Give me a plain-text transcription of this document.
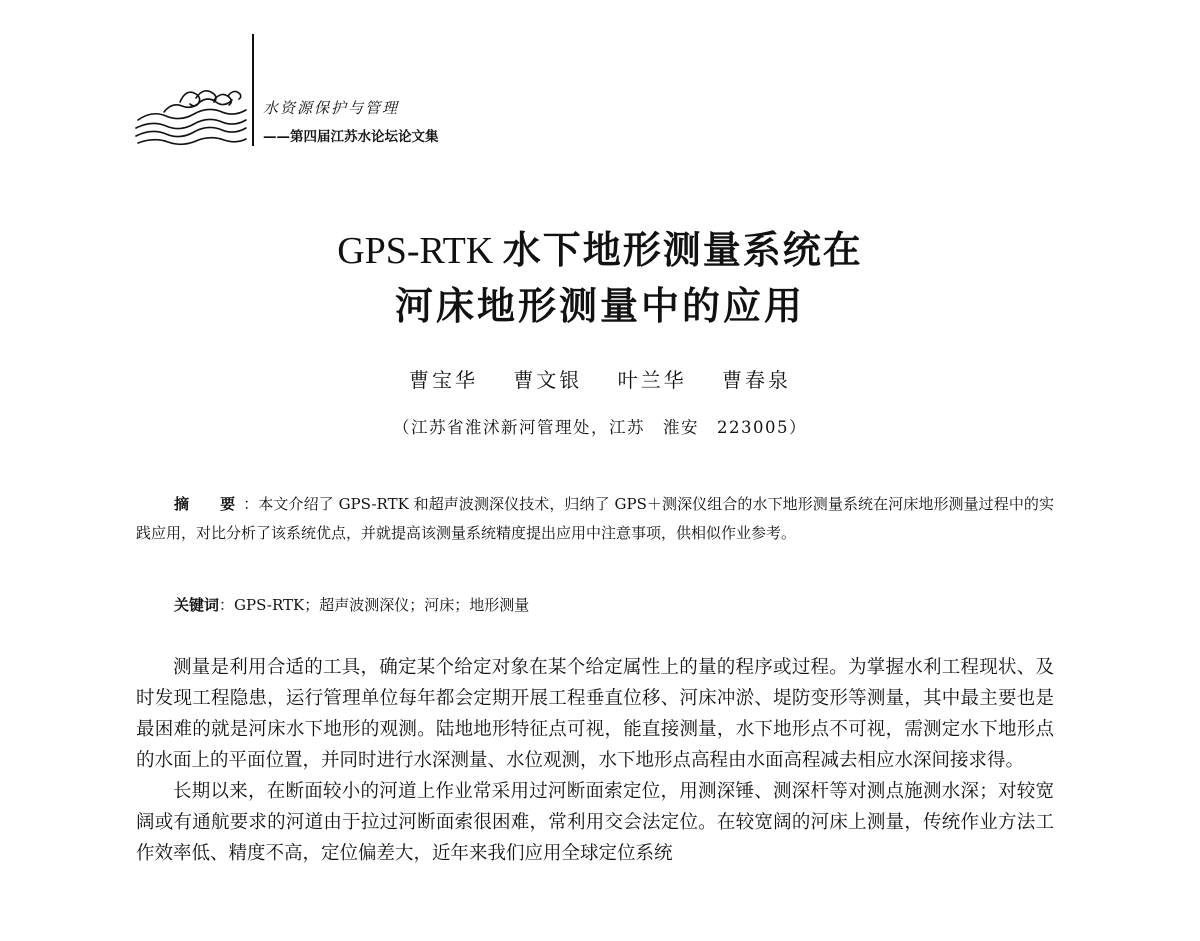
水资源保护与管理
——第四届江苏水论坛论文集
GPS-RTK 水下地形测量系统在
河床地形测量中的应用
曹宝华 曹文银 叶兰华 曹春泉
（江苏省淮沭新河管理处，江苏　淮安　223005）
摘　要：本文介绍了 GPS-RTK 和超声波测深仪技术，归纳了 GPS＋测深仪组合的水下地形测量系统在河床地形测量过程中的实践应用，对比分析了该系统优点，并就提高该测量系统精度提出应用中注意事项，供相似作业参考。
关键词：GPS-RTK；超声波测深仪；河床；地形测量

测量是利用合适的工具，确定某个给定对象在某个给定属性上的量的程序或过程。为掌握水利工程现状、及时发现工程隐患，运行管理单位每年都会定期开展工程垂直位移、河床冲淤、堤防变形等测量，其中最主要也是最困难的就是河床水下地形的观测。陆地地形特征点可视，能直接测量，水下地形点不可视，需测定水下地形点的水面上的平面位置，并同时进行水深测量、水位观测，水下地形点高程由水面高程减去相应水深间接求得。

长期以来，在断面较小的河道上作业常采用过河断面索定位，用测深锤、测深杆等对测点施测水深；对较宽阔或有通航要求的河道由于拉过河断面索很困难，常利用交会法定位。在较宽阔的河床上测量，传统作业方法工作效率低、精度不高，定位偏差大，近年来我们应用全球定位系统
